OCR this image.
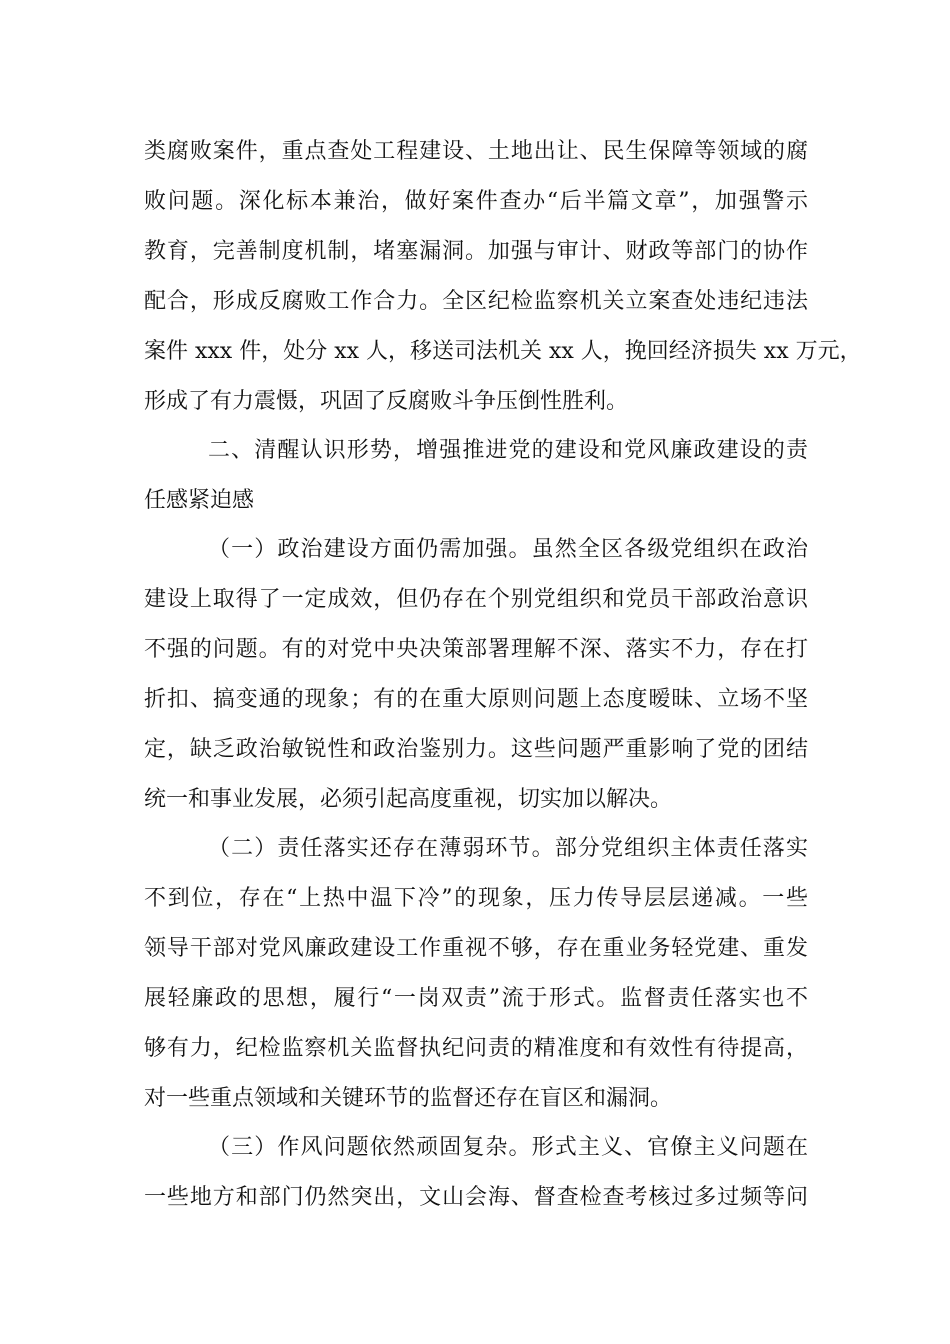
类腐败案件，重点查处工程建设、土地出让、民生保障等领域的腐
败问题。深化标本兼治，做好案件查办“后半篇文章”，加强警示
教育，完善制度机制，堵塞漏洞。加强与审计、财政等部门的协作
配合，形成反腐败工作合力。全区纪检监察机关立案查处违纪违法
案件 xxx 件，处分 xx 人，移送司法机关 xx 人，挽回经济损失 xx 万元，
形成了有力震慑，巩固了反腐败斗争压倒性胜利。
二、清醒认识形势，增强推进党的建设和党风廉政建设的责
任感紧迫感
（一）政治建设方面仍需加强。虽然全区各级党组织在政治
建设上取得了一定成效，但仍存在个别党组织和党员干部政治意识
不强的问题。有的对党中央决策部署理解不深、落实不力，存在打
折扣、搞变通的现象；有的在重大原则问题上态度暧昧、立场不坚
定，缺乏政治敏锐性和政治鉴别力。这些问题严重影响了党的团结
统一和事业发展，必须引起高度重视，切实加以解决。
（二）责任落实还存在薄弱环节。部分党组织主体责任落实
不到位，存在“上热中温下冷”的现象，压力传导层层递减。一些
领导干部对党风廉政建设工作重视不够，存在重业务轻党建、重发
展轻廉政的思想，履行“一岗双责”流于形式。监督责任落实也不
够有力，纪检监察机关监督执纪问责的精准度和有效性有待提高，
对一些重点领域和关键环节的监督还存在盲区和漏洞。
（三）作风问题依然顽固复杂。形式主义、官僚主义问题在
一些地方和部门仍然突出，文山会海、督查检查考核过多过频等问
